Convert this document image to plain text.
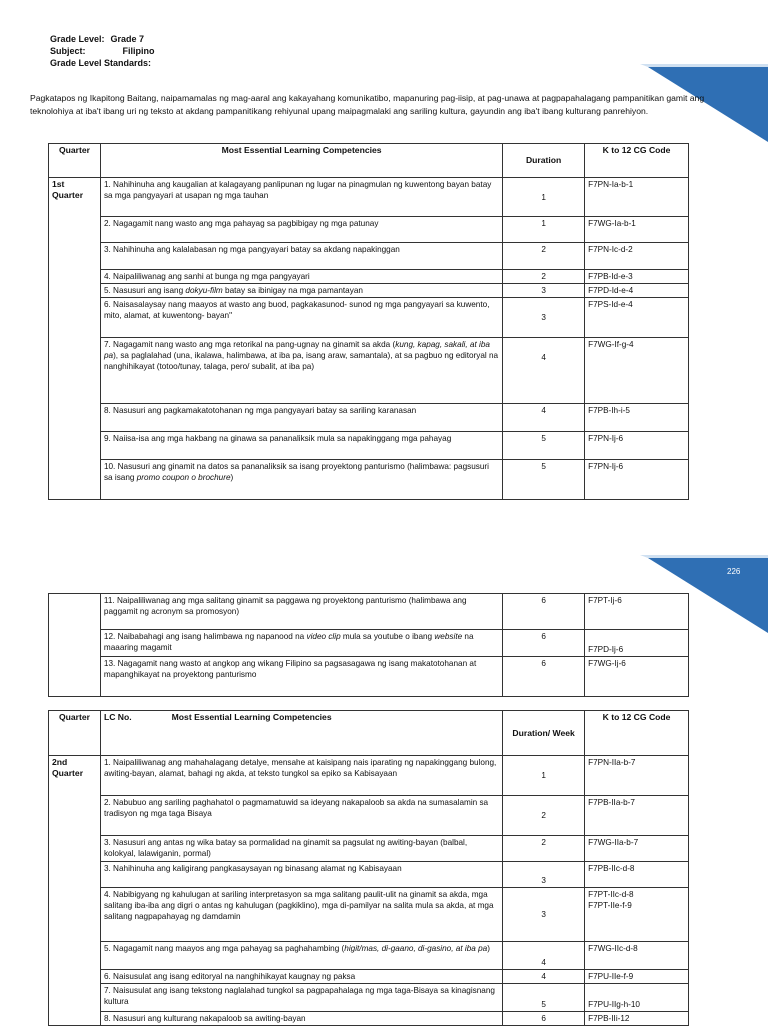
Grade Level: Grade 7
Subject:	Filipino
Grade Level Standards:
226
Pagkatapos ng Ikapitong Baitang, naipamamalas ng mag-aaral ang kakayahang komunikatibo, mapanuring pag-iisip, at pag-unawa at pagpapahalagang pampanitikan gamit ang teknolohiya at iba't ibang uri ng teksto at akdang pampanitikang rehiyunal upang maipagmalaki ang sariling kultura, gayundin ang iba't ibang kulturang panrehiyon.
Quarter	Most Essential Learning Competencies	Duration	K to 12 CG Code
1st Quarter	1. Nahihinuha ang kaugalian at kalagayang panlipunan ng lugar na pinagmulan ng kuwentong bayan batay sa mga pangyayari at usapan ng mga tauhan	1	F7PN-Ia-b-1
	2. Nagagamit nang wasto ang mga pahayag sa pagbibigay ng mga patunay	1	F7WG-Ia-b-1
	3. Nahihinuha ang kalalabasan ng mga pangyayari batay sa akdang napakinggan	2	F7PN-Ic-d-2
	4. Naipaliliwanag ang sanhi at bunga ng mga pangyayari	2	F7PB-Id-e-3
	5. Nasusuri ang isang dokyu-film batay sa ibinigay na mga pamantayan	3	F7PD-Id-e-4
	6. Naisasalaysay nang maayos at wasto ang buod, pagkakasunod- sunod ng mga pangyayari sa kuwento, mito, alamat, at kuwentong- bayan"	3	F7PS-Id-e-4
	7. Nagagamit nang wasto ang mga retorikal na pang-ugnay na ginamit sa akda (kung, kapag, sakali, at iba pa), sa paglalahad (una, ikalawa, halimbawa, at iba pa, isang araw, samantala), at sa pagbuo ng editoryal na nanghihikayat (totoo/tunay, talaga, pero/ subalit, at iba pa)	4	F7WG-If-g-4
	8. Nasusuri ang pagkamakatotohanan ng mga pangyayari batay sa sariling karanasan	4	F7PB-Ih-i-5
	9. Naiisa-isa ang mga hakbang na ginawa sa pananaliksik mula sa napakinggang mga pahayag	5	F7PN-Ij-6
	10. Nasusuri ang ginamit na datos sa pananaliksik sa isang proyektong panturismo (halimbawa: pagsusuri sa isang promo coupon o brochure)	5	F7PN-Ij-6
	11. Naipaliliwanag ang mga salitang ginamit sa paggawa ng proyektong panturismo (halimbawa ang paggamit ng acronym sa promosyon)	6	F7PT-Ij-6
	12. Naibabahagi ang isang halimbawa ng napanood na video clip mula sa youtube o ibang website na maaaring magamit	6	F7PD-Ij-6
	13. Nagagamit nang wasto at angkop ang wikang Filipino sa pagsasagawa ng isang makatotohanan at mapanghikayat na proyektong panturismo	6	F7WG-Ij-6
Quarter	LC No. Most Essential Learning Competencies	Duration/ Week	K to 12 CG Code
2nd Quarter	1. Naipaliliwanag ang mahahalagang detalye, mensahe at kaisipang nais iparating ng napakinggang bulong, awiting-bayan, alamat, bahagi ng akda, at teksto tungkol sa epiko sa Kabisayaan	1	F7PN-IIa-b-7
	2. Nabubuo ang sariling paghahatol o pagmamatuwid sa ideyang nakapaloob sa akda na sumasalamin sa tradisyon ng mga taga Bisaya	2	F7PB-IIa-b-7
	3. Nasusuri ang antas ng wika batay sa pormalidad na ginamit sa pagsulat ng awiting-bayan (balbal, kolokyal, lalawiganin, pormal)	2	F7WG-IIa-b-7
	3. Nahihinuha ang kaligirang pangkasaysayan ng binasang alamat ng Kabisayaan	3	F7PB-IIc-d-8
	4. Nabibigyang ng kahulugan at sariling interpretasyon sa mga salitang paulit-ulit na ginamit sa akda, mga salitang iba-iba ang digri o antas ng kahulugan (pagkiklino), mga di-pamilyar na salita mula sa akda, at mga salitang nagpapahayag ng damdamin	3	F7PT-IIc-d-8
F7PT-IIe-f-9

	5. Nagagamit nang maayos ang mga pahayag sa paghahambing (higit/mas, di-gaano, di-gasino, at iba pa)	4	F7WG-IIc-d-8
	6. Naisusulat ang isang editoryal na nanghihikayat kaugnay ng paksa	4	F7PU-IIe-f-9
	7. Naisusulat ang isang tekstong naglalahad tungkol sa pagpapahalaga ng mga taga-Bisaya sa kinagisnang kultura	5	F7PU-IIg-h-10
	8. Nasusuri ang kulturang nakapaloob sa awiting-bayan	6	F7PB-IIi-12
